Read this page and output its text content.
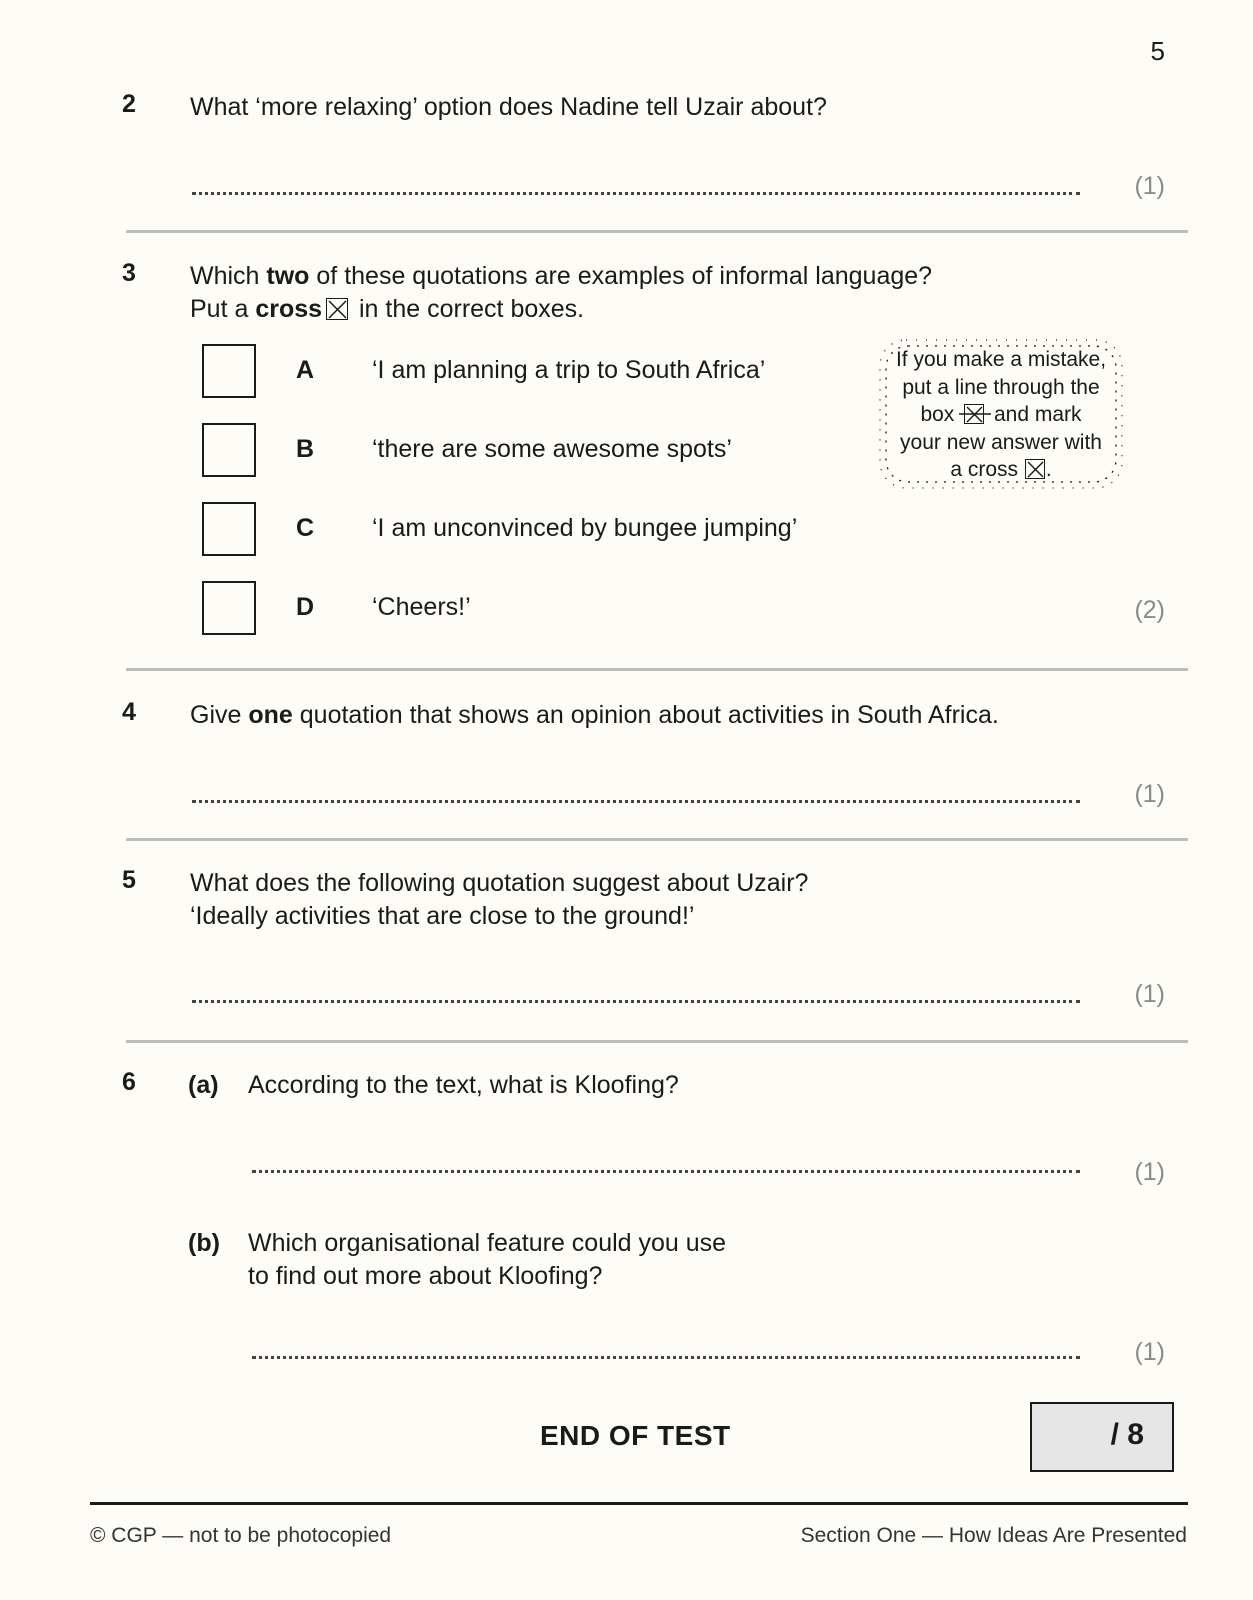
5
2 What ‘more relaxing’ option does Nadine tell Uzair about?
(1)
3 Which two of these quotations are examples of informal language?
Put a cross ☒ in the correct boxes.
A ‘I am planning a trip to South Africa’
B ‘there are some awesome spots’
C ‘I am unconvinced by bungee jumping’
D ‘Cheers!’	(2)
If you make a mistake,
put a line through the
box and mark
your new answer with
a cross ☒.
4 Give one quotation that shows an opinion about activities in South Africa.
(1)
5 What does the following quotation suggest about Uzair?
‘Ideally activities that are close to the ground!’
(1)
6 (a) According to the text, what is Kloofing?
(1)
(b) Which organisational feature could you use
to find out more about Kloofing?
(1)
END OF TEST	/ 8
© CGP — not to be photocopied	Section One — How Ideas Are Presented
